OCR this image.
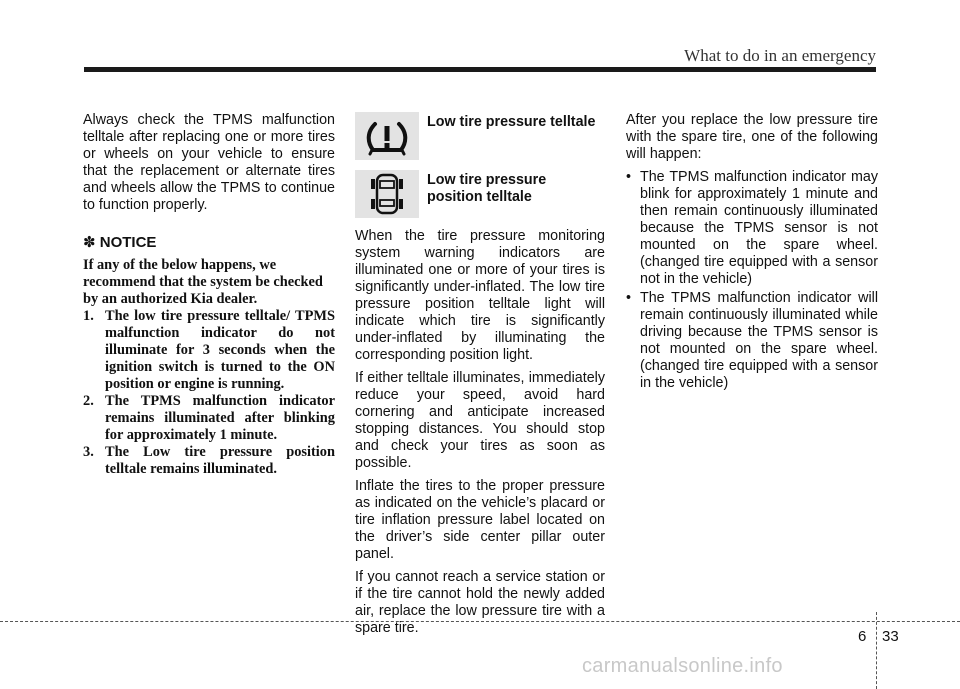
What to do in an emergency

Always check the TPMS malfunction telltale after replacing one or more tires or wheels on your vehicle to ensure that the replacement or alternate tires and wheels allow the TPMS to continue to function properly.

✽ NOTICE

If any of the below happens, we recommend that the system be checked by an authorized Kia dealer.

1. The low tire pressure telltale/ TPMS malfunction indicator do not illuminate for 3 seconds when the ignition switch is turned to the ON position or engine is running.
2. The TPMS malfunction indicator remains illuminated after blinking for approximately 1 minute.
3. The Low tire pressure position telltale remains illuminated.
Low tire pressure telltale
Low tire pressure position telltale

When the tire pressure monitoring system warning indicators are illuminated one or more of your tires is significantly under-inflated. The low tire pressure position telltale light will indicate which tire is significantly under-inflated by illuminating the corresponding position light.

If either telltale illuminates, immediately reduce your speed, avoid hard cornering and anticipate increased stopping distances. You should stop and check your tires as soon as possible.

Inflate the tires to the proper pressure as indicated on the vehicle’s placard or tire inflation pressure label located on the driver’s side center pillar outer panel.

If you cannot reach a service station or if the tire cannot hold the newly added air, replace the low pressure tire with a spare tire.

After you replace the low pressure tire with the spare tire, one of the following will happen:

• The TPMS malfunction indicator may blink for approximately 1 minute and then remain continuously illuminated because the TPMS sensor is not mounted on the spare wheel. (changed tire equipped with a sensor not in the vehicle)
• The TPMS malfunction indicator will remain continuously illuminated while driving because the TPMS sensor is not mounted on the spare wheel. (changed tire equipped with a sensor in the vehicle)
6 33
carmanualsonline.info
